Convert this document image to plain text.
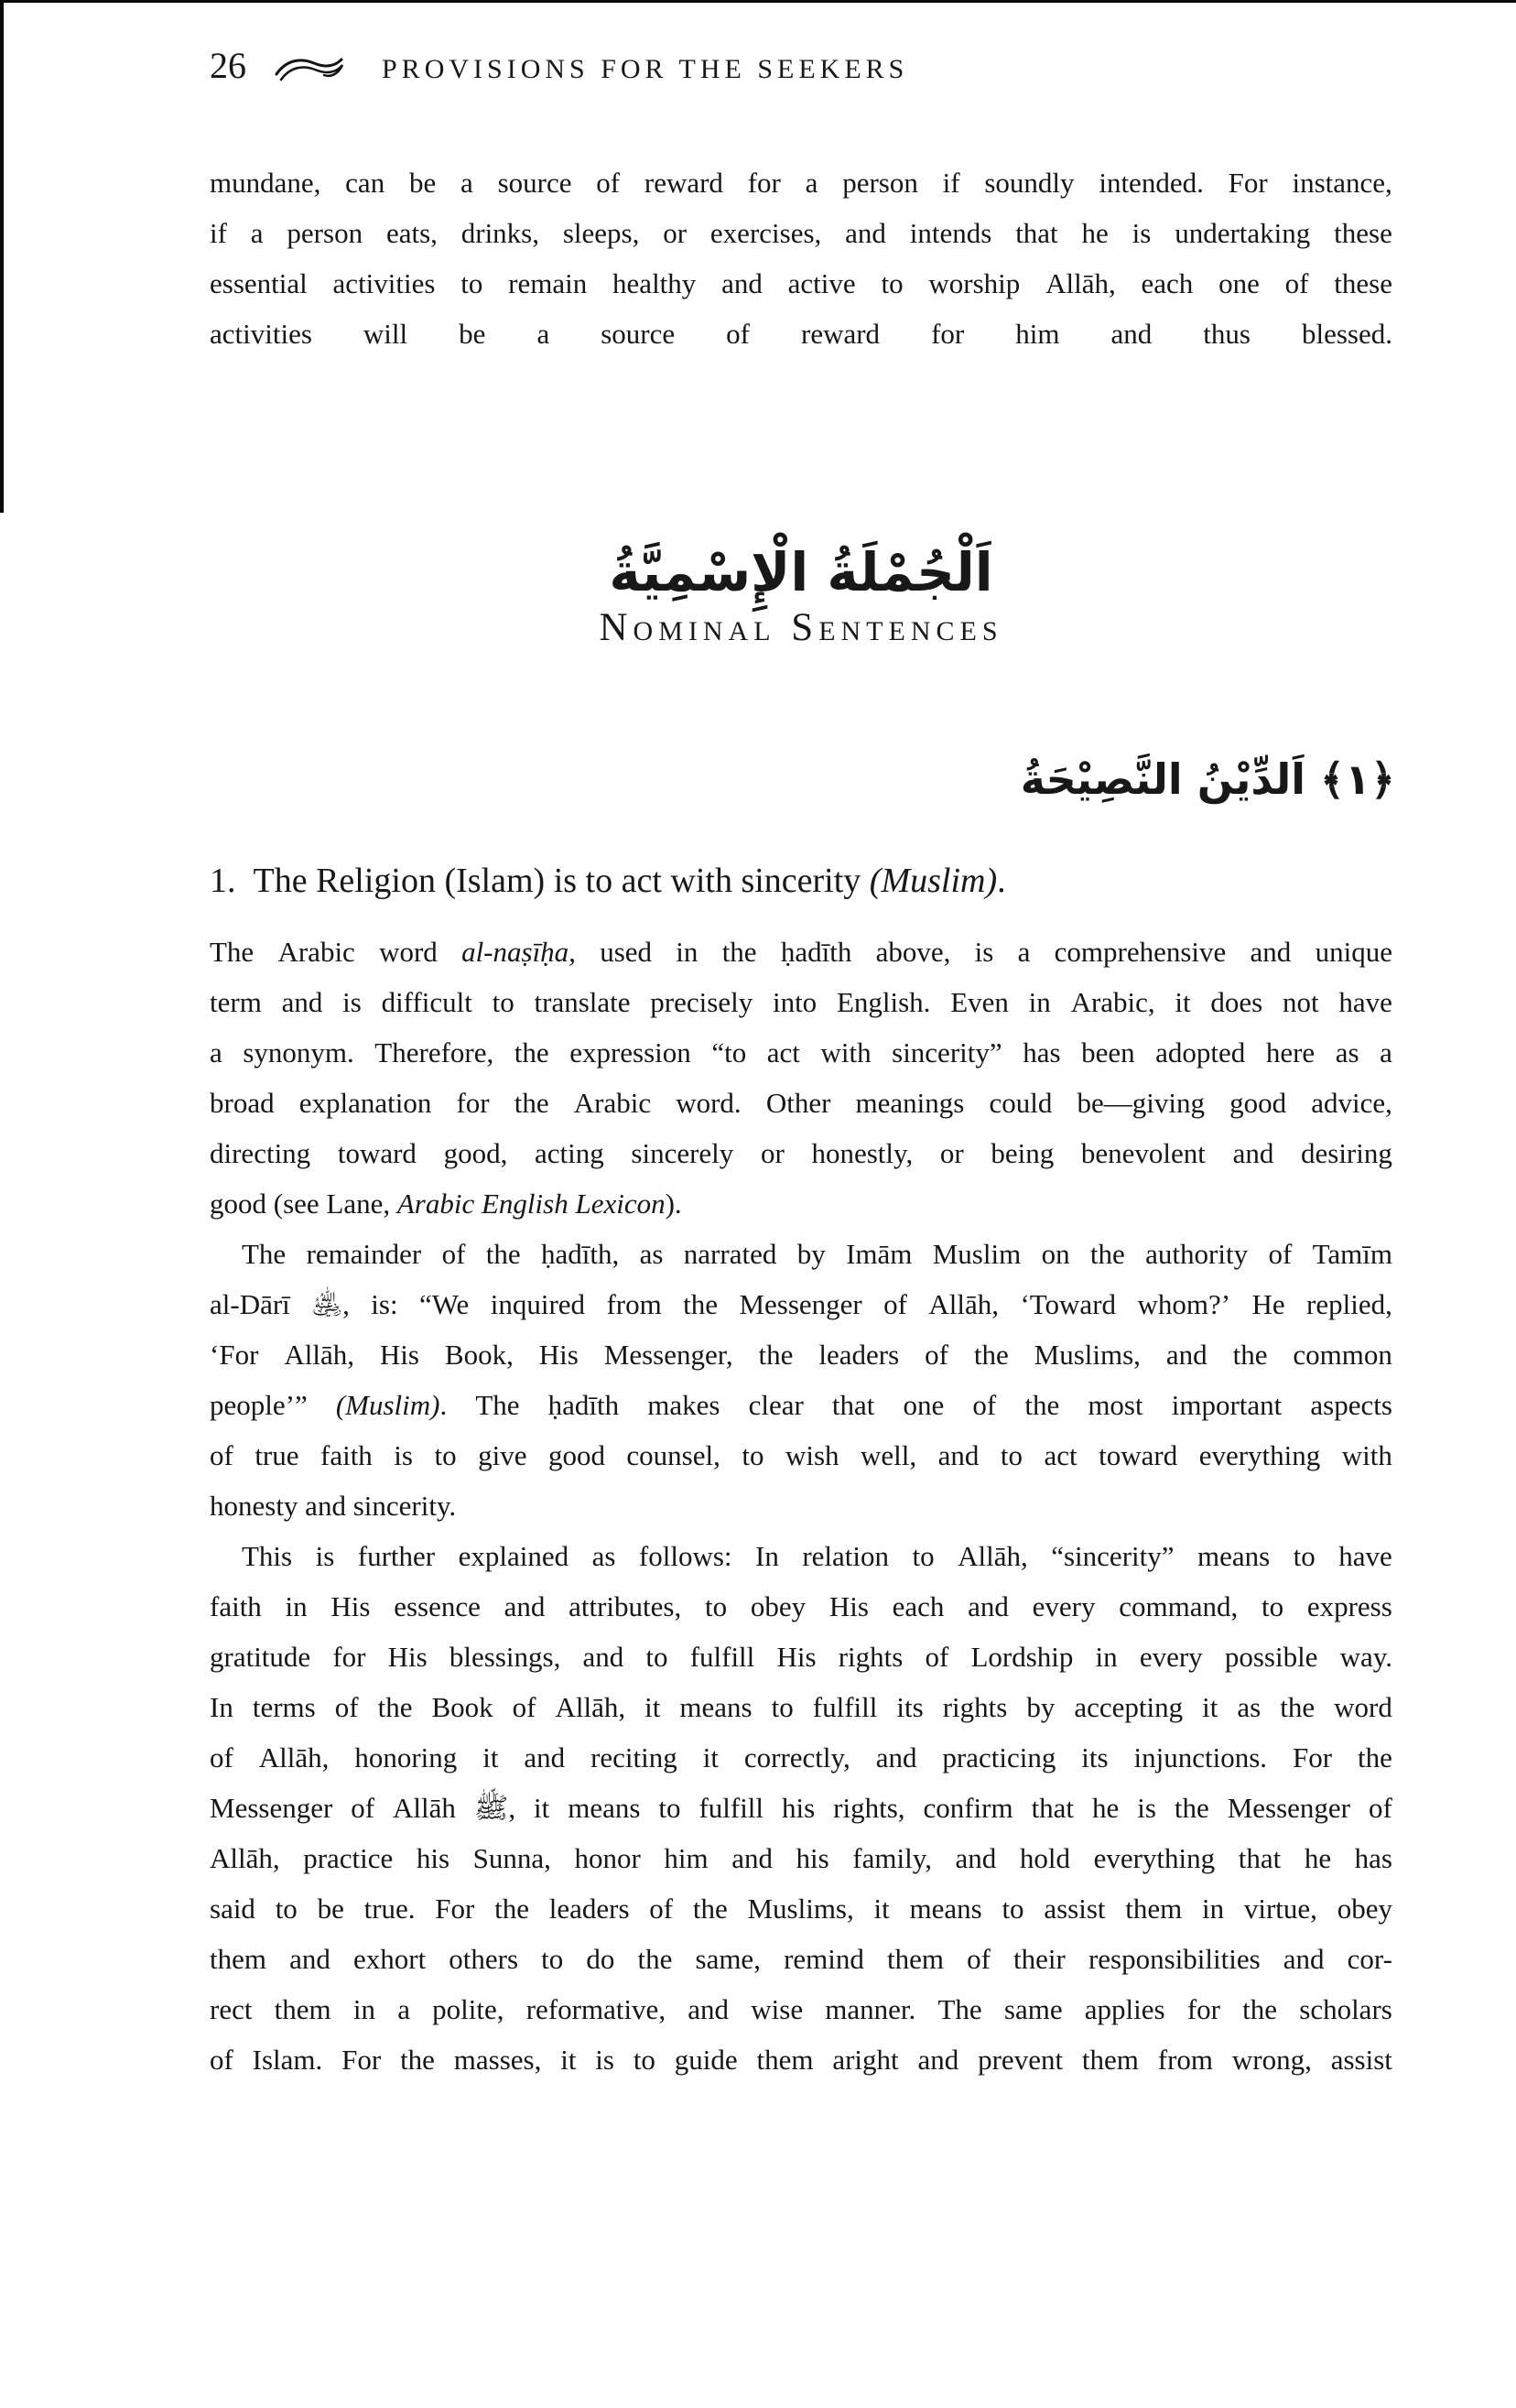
26	PROVISIONS FOR THE SEEKERS
mundane, can be a source of reward for a person if soundly intended. For instance,
if a person eats, drinks, sleeps, or exercises, and intends that he is undertaking these
essential activities to remain healthy and active to worship Allāh, each one of these
activities will be a source of reward for him and thus blessed.
اَلْجُمْلَةُ الْإِسْمِيَّةُ
Nominal Sentences
﴿١﴾ اَلدِّيْنُ النَّصِيْحَةُ
1.  The Religion (Islam) is to act with sincerity (Muslim).
The Arabic word al-naṣīḥa, used in the ḥadīth above, is a comprehensive and unique
term and is difficult to translate precisely into English. Even in Arabic, it does not have
a synonym. Therefore, the expression “to act with sincerity” has been adopted here as a
broad explanation for the Arabic word. Other meanings could be—giving good advice,
directing toward good, acting sincerely or honestly, or being benevolent and desiring
good (see Lane, Arabic English Lexicon).
The remainder of the ḥadīth, as narrated by Imām Muslim on the authority of Tamīm
al-Dārī ﵁, is: “We inquired from the Messenger of Allāh, ‘Toward whom?’ He replied,
‘For Allāh, His Book, His Messenger, the leaders of the Muslims, and the common
people’” (Muslim). The ḥadīth makes clear that one of the most important aspects
of true faith is to give good counsel, to wish well, and to act toward everything with
honesty and sincerity.
This is further explained as follows: In relation to Allāh, “sincerity” means to have
faith in His essence and attributes, to obey His each and every command, to express
gratitude for His blessings, and to fulfill His rights of Lordship in every possible way.
In terms of the Book of Allāh, it means to fulfill its rights by accepting it as the word
of Allāh, honoring it and reciting it correctly, and practicing its injunctions. For the
Messenger of Allāh ﷺ, it means to fulfill his rights, confirm that he is the Messenger of
Allāh, practice his Sunna, honor him and his family, and hold everything that he has
said to be true. For the leaders of the Muslims, it means to assist them in virtue, obey
them and exhort others to do the same, remind them of their responsibilities and cor-
rect them in a polite, reformative, and wise manner. The same applies for the scholars
of Islam. For the masses, it is to guide them aright and prevent them from wrong, assist
